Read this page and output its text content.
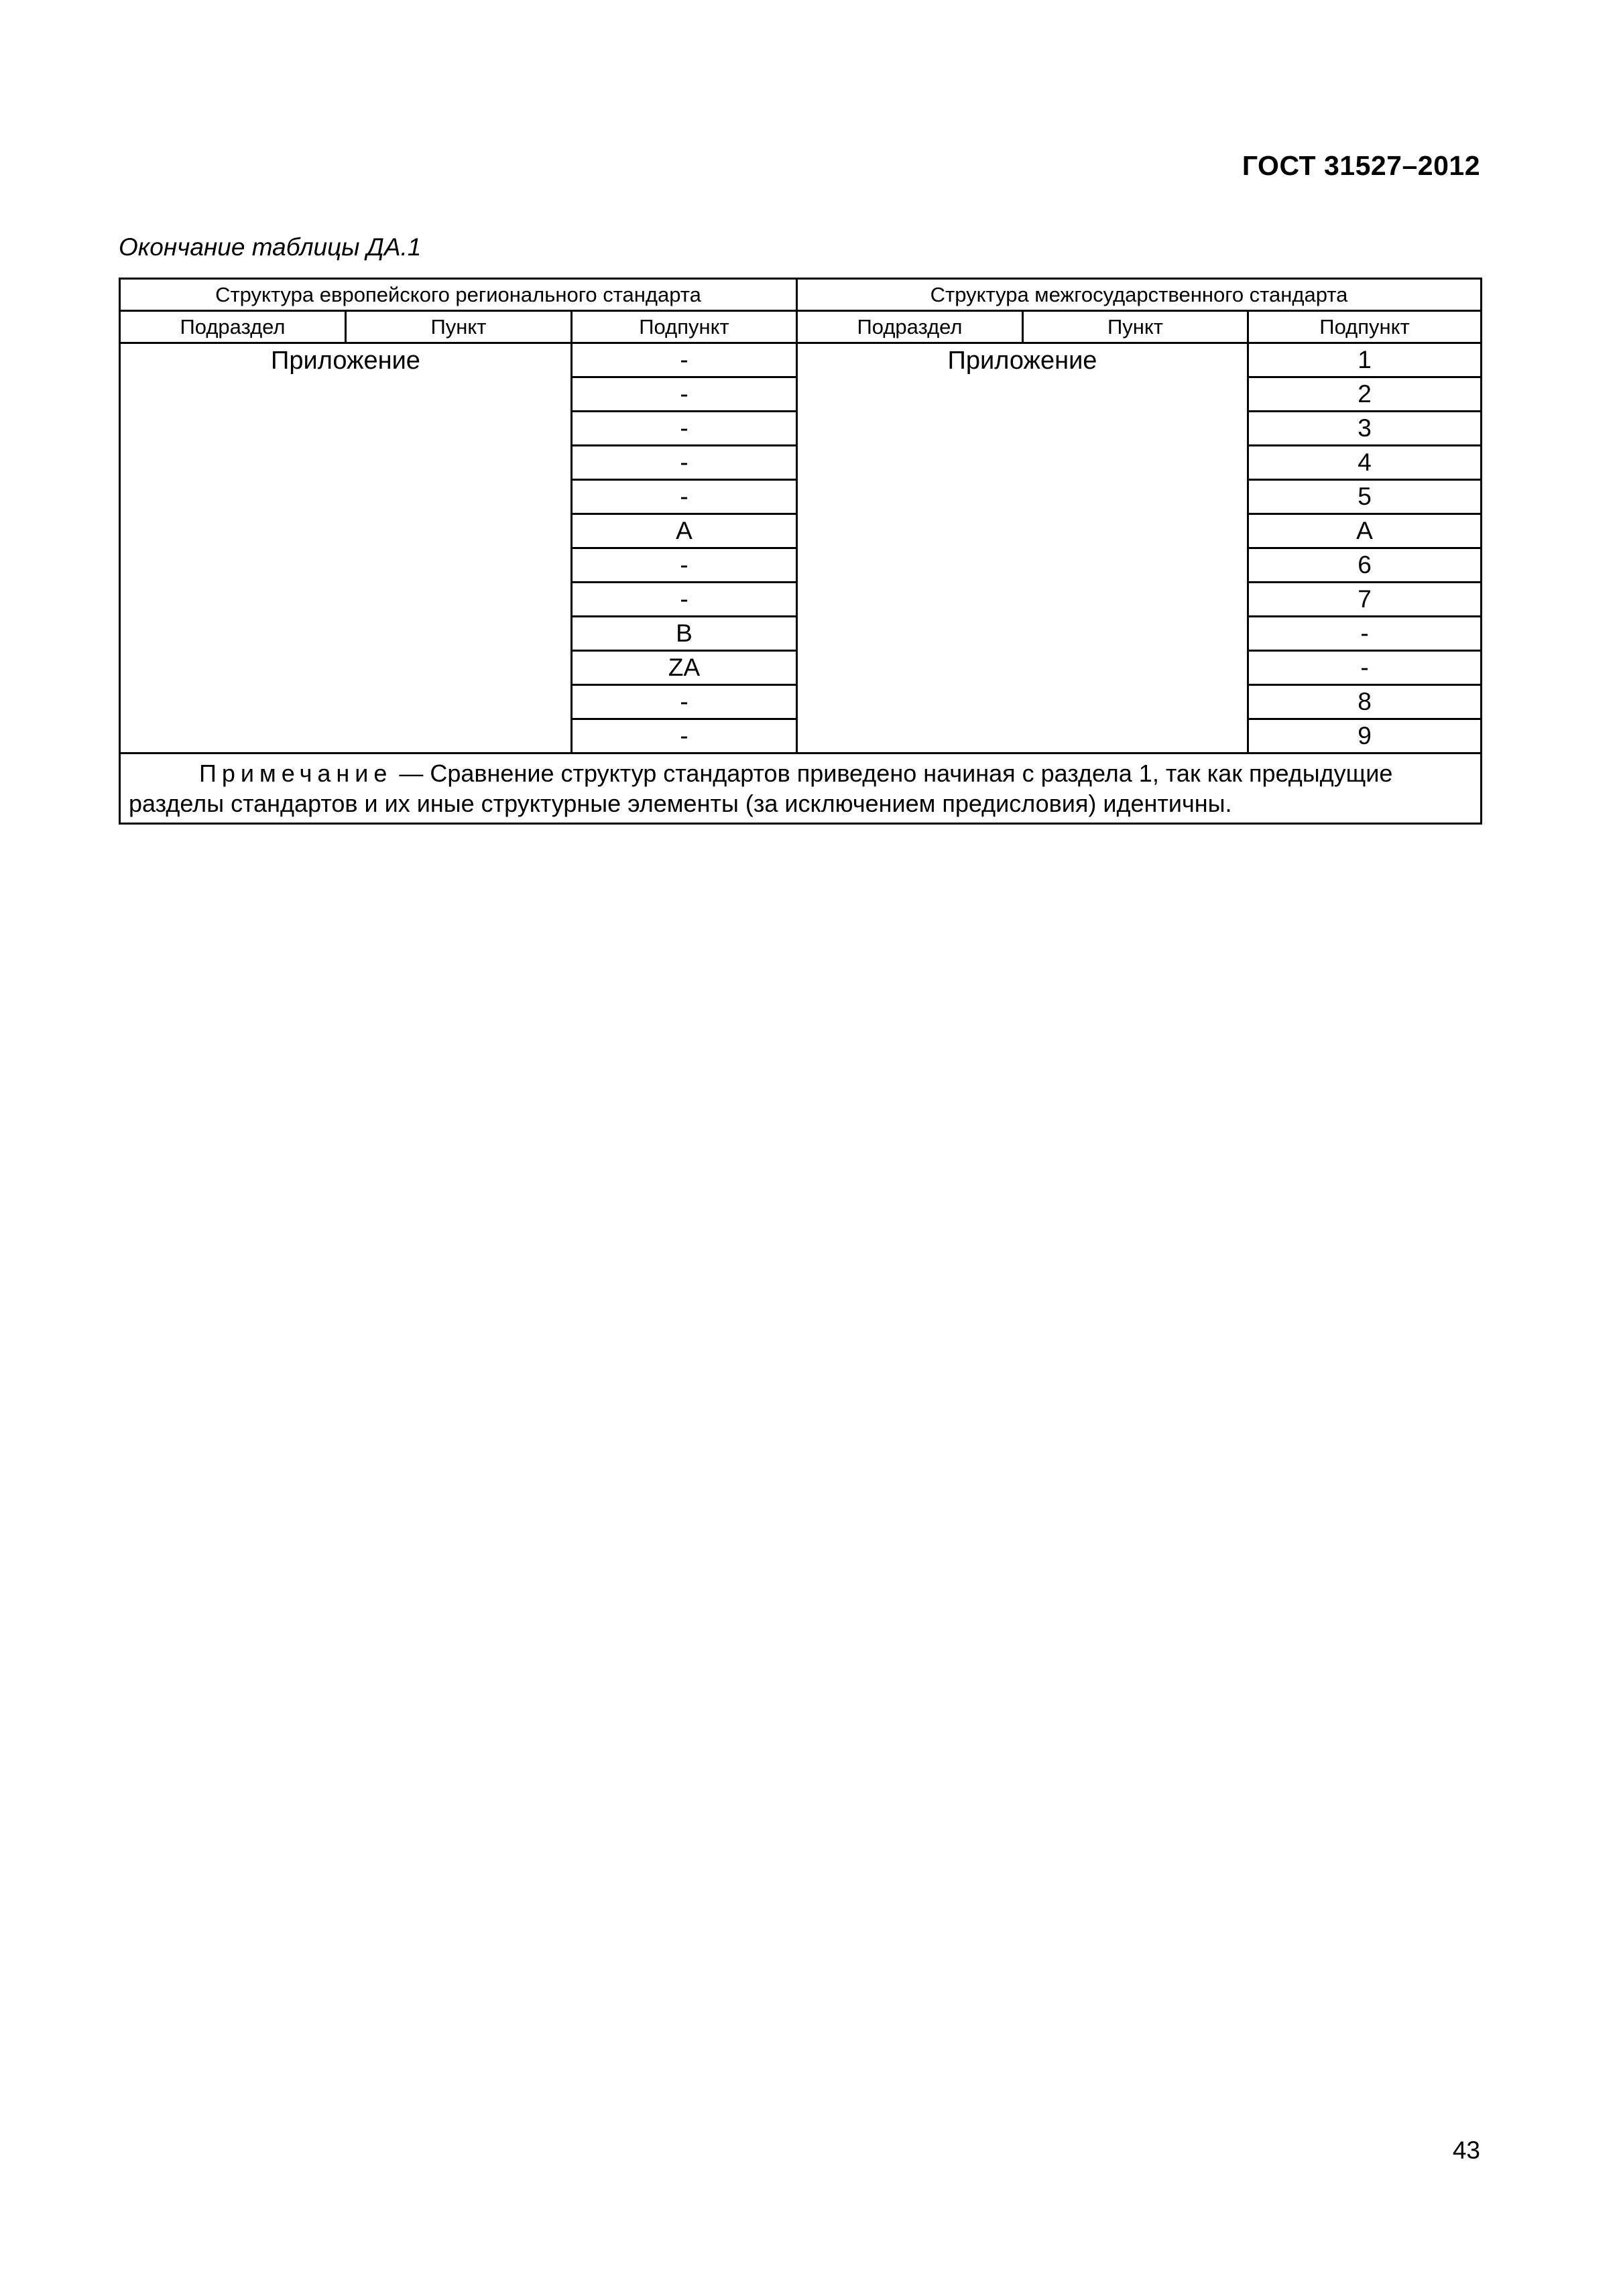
ГОСТ 31527–2012
Окончание таблицы ДА.1
Структура европейского регионального стандарта			Структура межгосударственного стандарта		
Подраздел	Пункт	Подпункт	Подраздел	Пункт	Подпункт
Приложение		-	Приложение		1
		-			2
		-			3
		-			4
		-			5
		A			A
		-			6
		-			7
		B			-
		ZA			-
		-			8
		-			9
Примечание — Сравнение структур стандартов приведено начиная с раздела 1, так как предыдущие разделы стандартов и их иные структурные элементы (за исключением предисловия) идентичны.					
43
